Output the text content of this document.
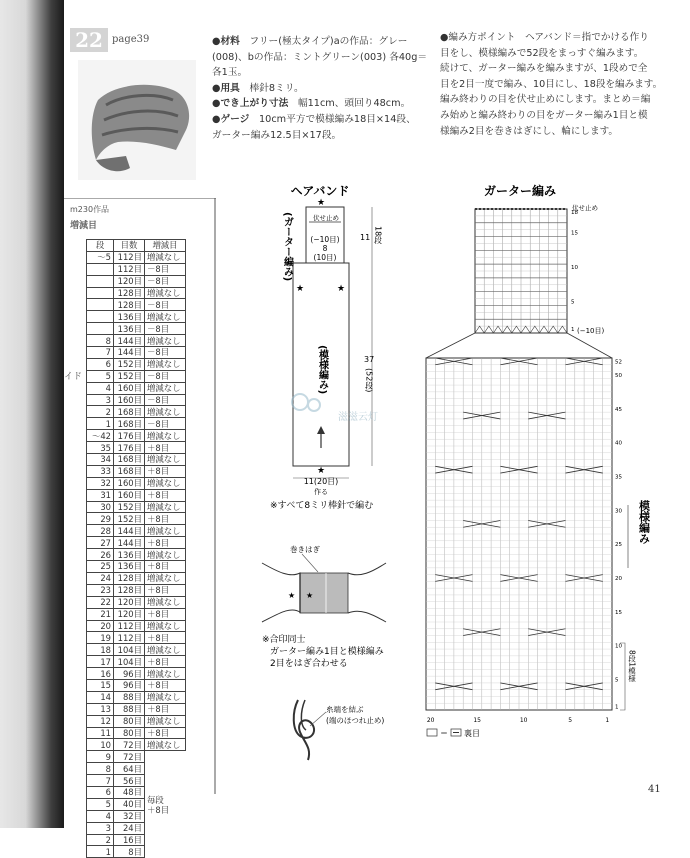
22 page39	●材料　フリー(極太タイプ)aの作品：グレー
(008)、bの作品：ミントグリーン(003) 各40g＝
各1玉。
●用具　棒針8ミリ。
●でき上がり寸法　幅11cm、頭回り48cm。
●ゲージ　10cm平方で模様編み18目×14段、
ガーター編み12.5目×17段。
●編み方ポイント　ヘアバンド＝指でかける作り
目をし、模様編みで52段をまっすぐ編みます。
続けて、ガーター編みを編みますが、1段めで全
目を2目一度で編み、10目にし、18段を編みます。
編み終わりの目を伏せ止めにします。まとめ＝編
み始めと編み終わりの目をガーター編み1目と模
様編み2目を巻きはぎにし、輪にします。
m230作品
増減目
イド
段	目数	増減目
～5	112目	増減なし
	112目	－8目
	120目	－8目
	128目	増減なし
	128目	－8目
	136目	増減なし
	136目	－8目
8	144目	増減なし
7	144目	－8目
6	152目	増減なし
5	152目	－8目
4	160目	増減なし
3	160目	－8目
2	168目	増減なし
1	168目	－8目
～42	176目	増減なし
35	176目	＋8目
34	168目	増減なし
33	168目	＋8目
32	160目	増減なし
31	160目	＋8目
30	152目	増減なし
29	152目	＋8目
28	144目	増減なし
27	144目	＋8目
26	136目	増減なし
25	136目	＋8目
24	128目	増減なし
23	128目	＋8目
22	120目	増減なし
21	120目	＋8目
20	112目	増減なし
19	112目	＋8目
18	104目	増減なし
17	104目	＋8目
16	96目	増減なし
15	96目	＋8目
14	88目	増減なし
13	88目	＋8目
12	80目	増減なし
11	80目	＋8目
10	72目	増減なし
9	72目	毎段
＋8目

8	64目	
7	56目	
6	48目	
5	40目	
4	32目	
3	24目	
2	16目	
1	8目	
ヘアバンド
★
伏せ止め
(−10目)
8
(10目)
(ガーター編み)	11 18段
(模様編み)	37
(52段)
★
★	★
11(20目)
作る
※すべて8ミリ棒針で編む
滋滋云灯
巻きはぎ
★ ★
※合印同士
ガーター編み1目と模様編み
2目をはぎ合わせる
糸端を結ぶ
(端のほつれ止め)
ガーター編み
伏せ止め
(−10目)
18
15
10
5
1
52
50
45
40
35
30
25
20
15
10
5
1
20	15	10	5	1
模様編み
8段1模様
＝ 裏目
41
